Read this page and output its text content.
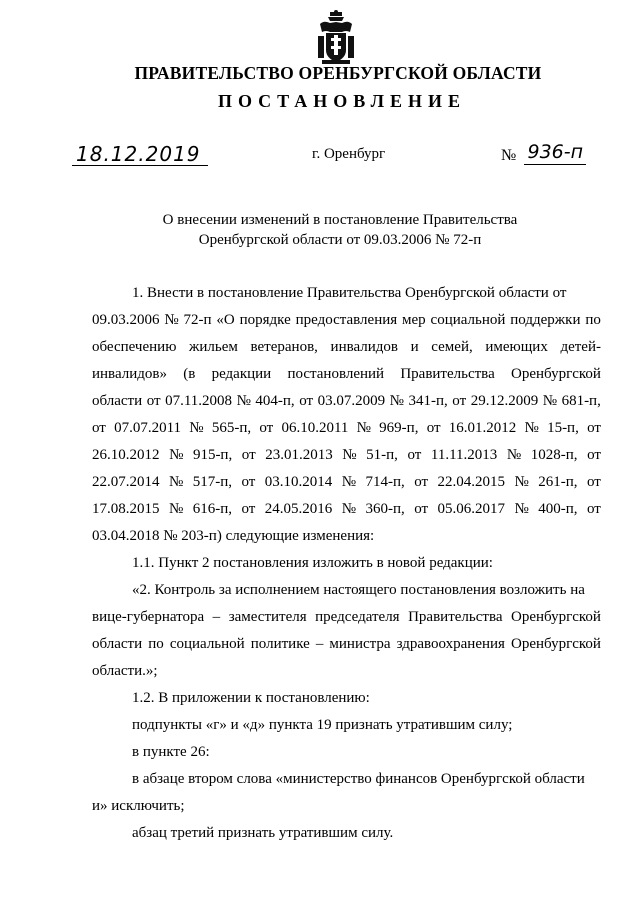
ПРАВИТЕЛЬСТВО ОРЕНБУРГСКОЙ ОБЛАСТИ
ПОСТАНОВЛЕНИЕ
18.12.2019	г. Оренбург	№ 936-п
О внесении изменений в постановление Правительства
Оренбургской области от 09.03.2006 № 72-п
1. Внести в постановление Правительства Оренбургской области от
09.03.2006 № 72-п «О порядке предоставления мер социальной поддержки по
обеспечению жильем ветеранов, инвалидов и семей, имеющих детей-
инвалидов» (в редакции постановлений Правительства Оренбургской
области от 07.11.2008 № 404-п, от 03.07.2009 № 341-п, от 29.12.2009 № 681-п,
от 07.07.2011 № 565-п, от 06.10.2011 № 969-п, от 16.01.2012 № 15-п, от
26.10.2012 № 915-п, от 23.01.2013 № 51-п, от 11.11.2013 № 1028-п, от
22.07.2014 № 517-п, от 03.10.2014 № 714-п, от 22.04.2015 № 261-п, от
17.08.2015 № 616-п, от 24.05.2016 № 360-п, от 05.06.2017 № 400-п, от
03.04.2018 № 203-п) следующие изменения:
1.1. Пункт 2 постановления изложить в новой редакции:
«2. Контроль за исполнением настоящего постановления возложить на
вице-губернатора – заместителя председателя Правительства Оренбургской
области по социальной политике – министра здравоохранения Оренбургской
области.»;
1.2. В приложении к постановлению:
подпункты «г» и «д» пункта 19 признать утратившим силу;
в пункте 26:
в абзаце втором слова «министерство финансов Оренбургской области
и» исключить;
абзац третий признать утратившим силу.
